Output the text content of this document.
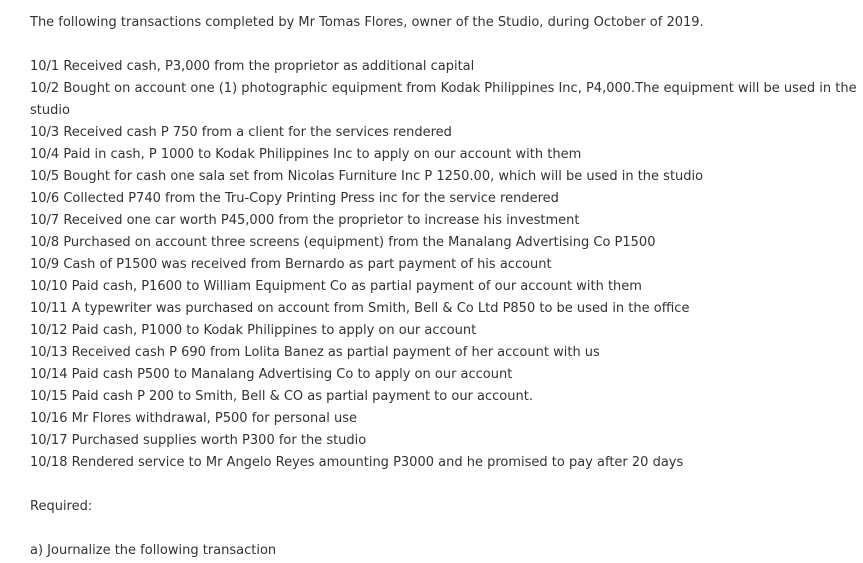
The following transactions completed by Mr Tomas Flores, owner of the Studio, during October of 2019.
10/1 Received cash, P3,000 from the proprietor as additional capital
10/2 Bought on account one (1) photographic equipment from Kodak Philippines Inc, P4,000.The equipment will be used in the studio
10/3 Received cash P 750 from a client for the services rendered
10/4 Paid in cash, P 1000 to Kodak Philippines Inc to apply on our account with them
10/5 Bought for cash one sala set from Nicolas Furniture Inc P 1250.00, which will be used in the studio
10/6 Collected P740 from the Tru-Copy Printing Press inc for the service rendered
10/7 Received one car worth P45,000 from the proprietor to increase his investment
10/8 Purchased on account three screens (equipment) from the Manalang Advertising Co P1500
10/9 Cash of P1500 was received from Bernardo as part payment of his account
10/10 Paid cash, P1600 to William Equipment Co as partial payment of our account with them
10/11 A typewriter was purchased on account from Smith, Bell & Co Ltd P850 to be used in the office
10/12 Paid cash, P1000 to Kodak Philippines to apply on our account
10/13 Received cash P 690 from Lolita Banez as partial payment of her account with us
10/14 Paid cash P500 to Manalang Advertising Co to apply on our account
10/15 Paid cash P 200 to Smith, Bell & CO as partial payment to our account.
10/16 Mr Flores withdrawal, P500 for personal use
10/17 Purchased supplies worth P300 for the studio
10/18 Rendered service to Mr Angelo Reyes amounting P3000 and he promised to pay after 20 days
Required:
a) Journalize the following transaction
